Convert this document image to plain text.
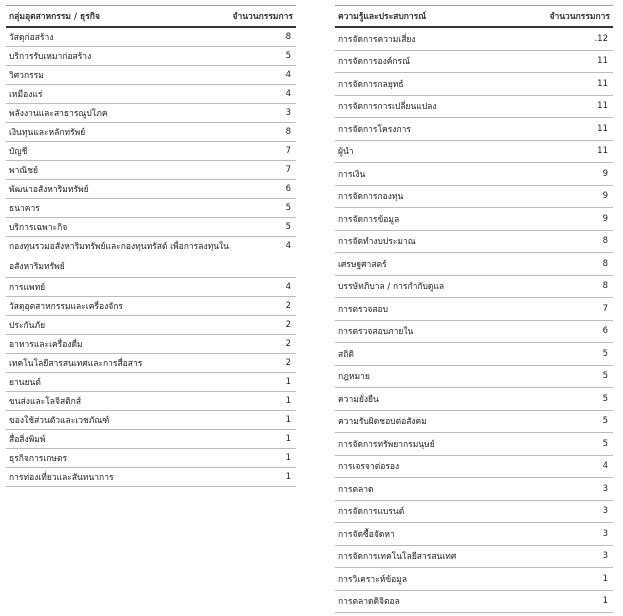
กลุ่มอุตสาหกรรม / ธุรกิจ	จำนวนกรรมการ
วัสดุก่อสร้าง	8
บริการรับเหมาก่อสร้าง	5
วิศวกรรม	4
เหมืองแร่	4
พลังงานและสาธารณูปโภค	3
เงินทุนและหลักทรัพย์	8
บัญชี	7
พาณิชย์	7
พัฒนาอสังหาริมทรัพย์	6
ธนาคาร	5
บริการเฉพาะกิจ	5
กองทุนรวมอสังหาริมทรัพย์และกองทุนทรัสต์ เพื่อการลงทุนในอสังหาริมทรัพย์	4
การแพทย์	4
วัสดุอุตสาหกรรมและเครื่องจักร	2
ประกันภัย	2
อาหารและเครื่องดื่ม	2
เทคโนโลยีสารสนเทศและการสื่อสาร	2
ยานยนต์	1
ขนส่งและโลจิสติกส์	1
ของใช้ส่วนตัวและเวชภัณฑ์	1
สื่อสิ่งพิมพ์	1
ธุรกิจการเกษตร	1
การท่องเที่ยวและสันทนาการ	1
ความรู้และประสบการณ์	จำนวนกรรมการ
การจัดการความเสี่ยง	.12
การจัดการองค์กรณ์	11
การจัดการกลยุทธ์	11
การจัดการการเปลี่ยนแปลง	11
การจัดการโครงการ	11
ผู้นำ	11
การเงิน	9
การจัดการกองทุน	9
การจัดการข้อมูล	9
การจัดทำงบประมาณ	8
เศรษฐศาสตร์	8
บรรษัทภิบาล / การกำกับดูแล	8
การตรวจสอบ	7
การตรวจสอบภายใน	6
สถิติ	5
กฎหมาย	5
ความยั่งยืน	5
ความรับผิดชอบต่อสังคม	5
การจัดการทรัพยากรมนุษย์	5
การเจรจาต่อรอง	4
การตลาด	3
การจัดการแบรนด์	3
การจัดซื้อจัดหา	3
การจัดการเทคโนโลยีสารสนเทศ	3
การวิเคราะห์ข้อมูล	1
การตลาดดิจิตอล	1
